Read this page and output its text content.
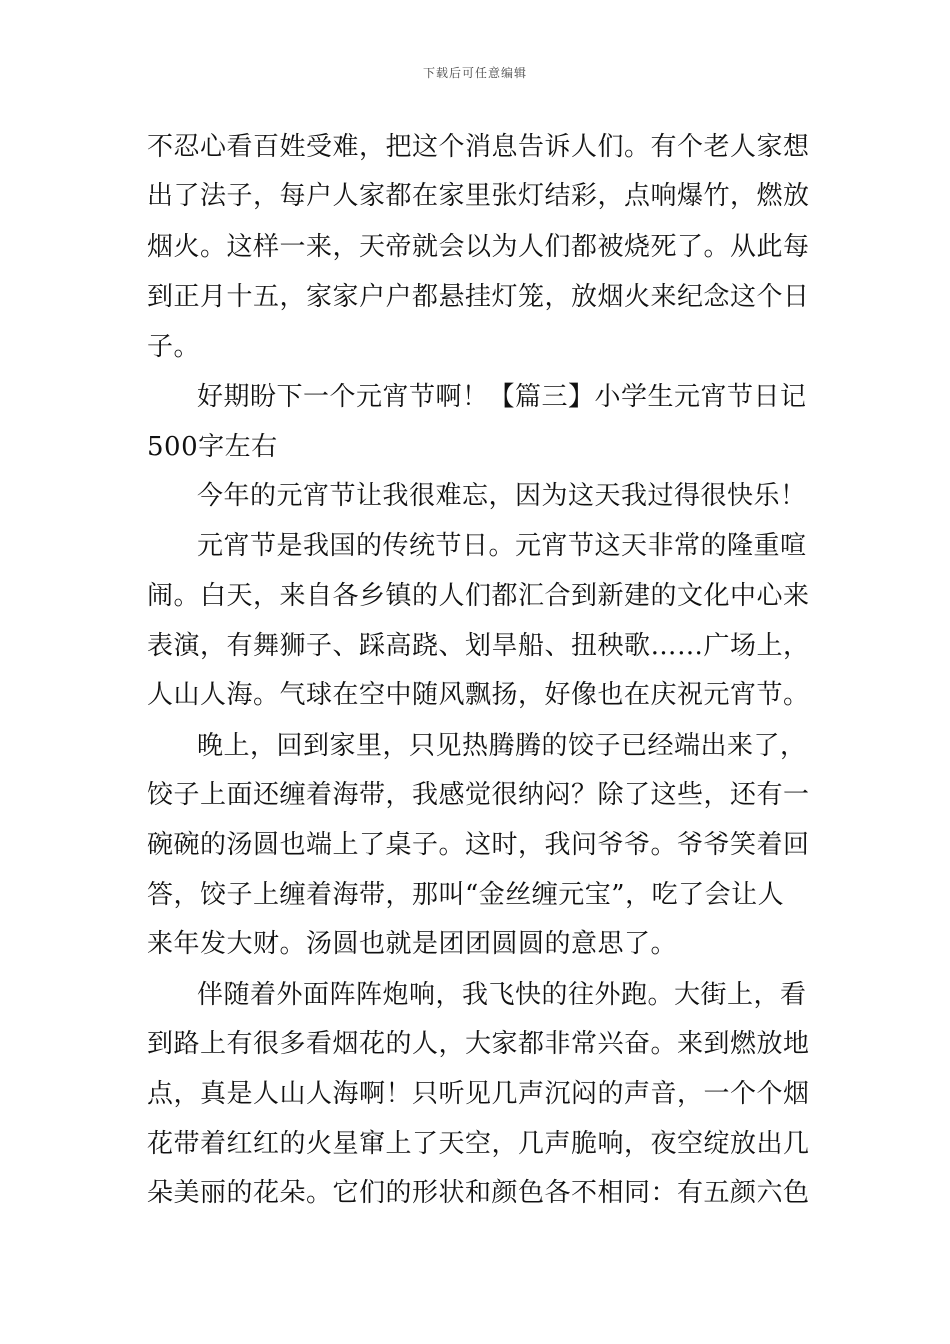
下载后可任意编辑
不忍心看百姓受难，把这个消息告诉人们。有个老人家想
出了法子，每户人家都在家里张灯结彩，点响爆竹，燃放
烟火。这样一来，天帝就会以为人们都被烧死了。从此每
到正月十五，家家户户都悬挂灯笼，放烟火来纪念这个日
子。
好期盼下一个元宵节啊！【篇三】小学生元宵节日记
500字左右
今年的元宵节让我很难忘，因为这天我过得很快乐！
元宵节是我国的传统节日。元宵节这天非常的隆重喧
闹。白天，来自各乡镇的人们都汇合到新建的文化中心来
表演，有舞狮子、踩高跷、划旱船、扭秧歌……广场上，
人山人海。气球在空中随风飘扬，好像也在庆祝元宵节。
晚上，回到家里，只见热腾腾的饺子已经端出来了，
饺子上面还缠着海带，我感觉很纳闷？除了这些，还有一
碗碗的汤圆也端上了桌子。这时，我问爷爷。爷爷笑着回
答，饺子上缠着海带，那叫“金丝缠元宝”，吃了会让人
来年发大财。汤圆也就是团团圆圆的意思了。
伴随着外面阵阵炮响，我飞快的往外跑。大街上，看
到路上有很多看烟花的人，大家都非常兴奋。来到燃放地
点，真是人山人海啊！只听见几声沉闷的声音，一个个烟
花带着红红的火星窜上了天空，几声脆响，夜空绽放出几
朵美丽的花朵。它们的形状和颜色各不相同：有五颜六色
